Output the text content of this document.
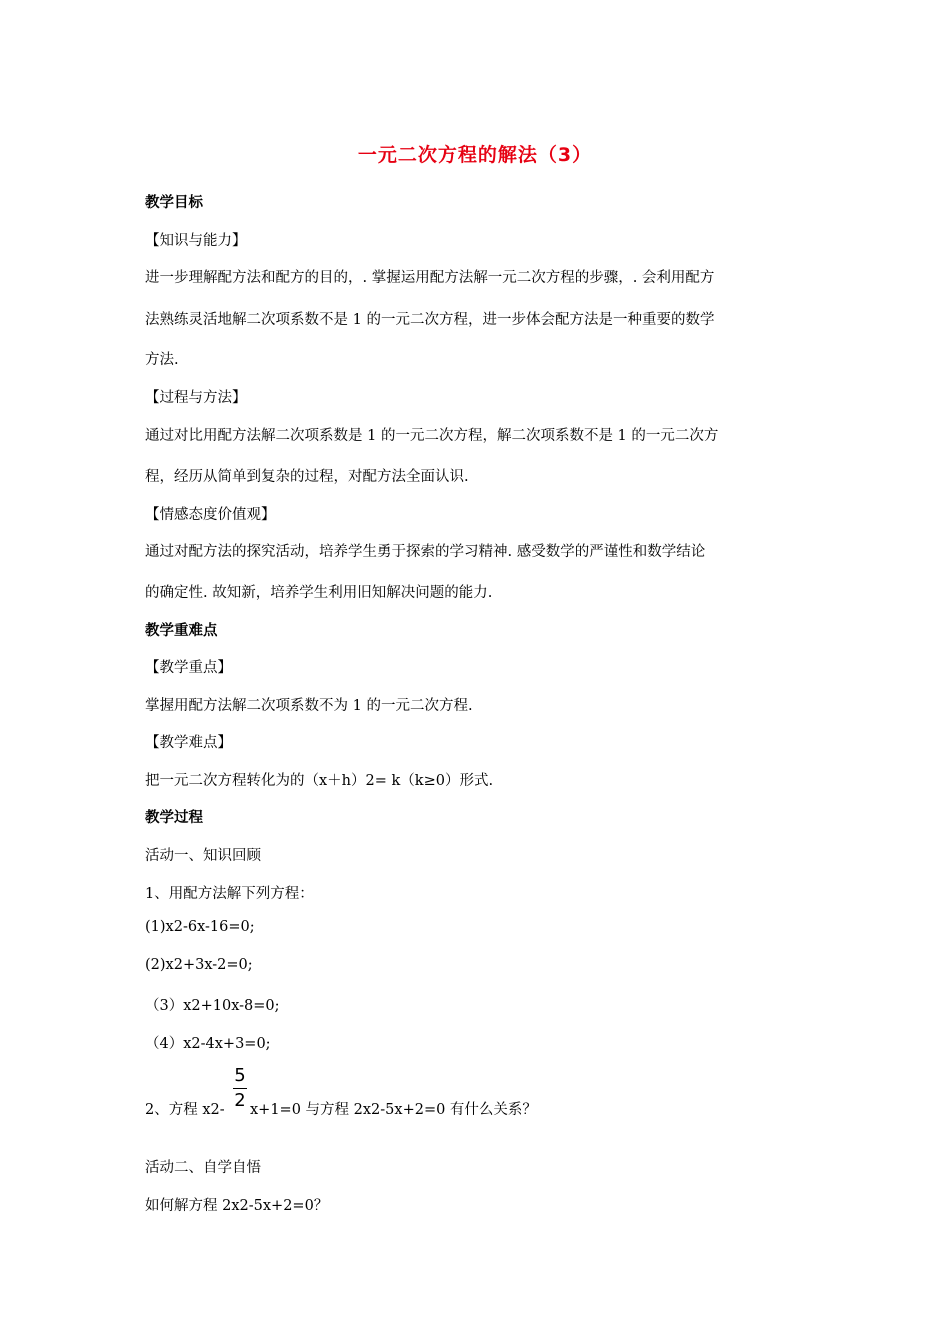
一元二次方程的解法（3）
教学目标
【知识与能力】
进一步理解配方法和配方的目的，. 掌握运用配方法解一元二次方程的步骤，. 会利用配方
法熟练灵活地解二次项系数不是 1 的一元二次方程，进一步体会配方法是一种重要的数学
方法.
【过程与方法】
通过对比用配方法解二次项系数是 1 的一元二次方程，解二次项系数不是 1 的一元二次方
程，经历从简单到复杂的过程，对配方法全面认识.
【情感态度价值观】
通过对配方法的探究活动，培养学生勇于探索的学习精神. 感受数学的严谨性和数学结论
的确定性. 故知新，培养学生利用旧知解决问题的能力.
教学重难点
【教学重点】
掌握用配方法解二次项系数不为 1 的一元二次方程.
【教学难点】
把一元二次方程转化为的（x＋h）2= k（k≥0）形式.
教学过程
活动一、知识回顾
1、用配方法解下列方程：
(1)x2-6x-16=0;
(2)x2+3x-2=0;
（3）x2+10x-8=0;
（4）x2-4x+3=0;
2、方程 x2-
5
2 x+1=0 与方程 2x2-5x+2=0 有什么关系？
活动二、自学自悟
如何解方程 2x2-5x+2=0？
